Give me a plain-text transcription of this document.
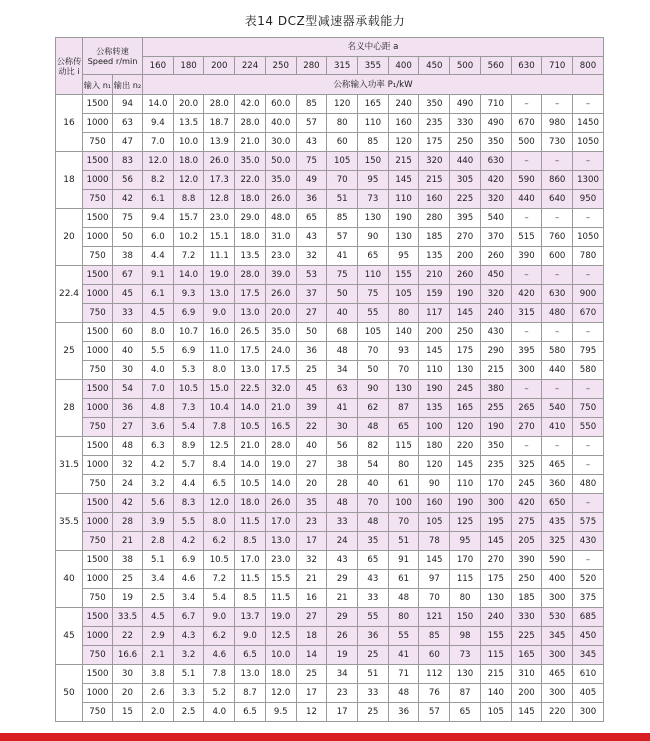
表14 DCZ型减速器承载能力
公称传动比 i	公称转速 Speed r/min		名义中心距 a														
			160	180	200	224	250	280	315	355	400	450	500	560	630	710	800
	输入 n₁	输出 n₂	公称输入功率 P₁/kW														
16	1500	94	14.0	20.0	28.0	42.0	60.0	85	120	165	240	350	490	710	–	–	–
	1000	63	9.4	13.5	18.7	28.0	40.0	57	80	110	160	235	330	490	670	980	1450
	750	47	7.0	10.0	13.9	21.0	30.0	43	60	85	120	175	250	350	500	730	1050
18	1500	83	12.0	18.0	26.0	35.0	50.0	75	105	150	215	320	440	630	–	–	–
	1000	56	8.2	12.0	17.3	22.0	35.0	49	70	95	145	215	305	420	590	860	1300
	750	42	6.1	8.8	12.8	18.0	26.0	36	51	73	110	160	225	320	440	640	950
20	1500	75	9.4	15.7	23.0	29.0	48.0	65	85	130	190	280	395	540	–	–	–
	1000	50	6.0	10.2	15.1	18.0	31.0	43	57	90	130	185	270	370	515	760	1050
	750	38	4.4	7.2	11.1	13.5	23.0	32	41	65	95	135	200	260	390	600	780
22.4	1500	67	9.1	14.0	19.0	28.0	39.0	53	75	110	155	210	260	450	–	–	–
	1000	45	6.1	9.3	13.0	17.5	26.0	37	50	75	105	159	190	320	420	630	900
	750	33	4.5	6.9	9.0	13.0	20.0	27	40	55	80	117	145	240	315	480	670
25	1500	60	8.0	10.7	16.0	26.5	35.0	50	68	105	140	200	250	430	–	–	–
	1000	40	5.5	6.9	11.0	17.5	24.0	36	48	70	93	145	175	290	395	580	795
	750	30	4.0	5.3	8.0	13.0	17.5	25	34	50	70	110	130	215	300	440	580
28	1500	54	7.0	10.5	15.0	22.5	32.0	45	63	90	130	190	245	380	–	–	–
	1000	36	4.8	7.3	10.4	14.0	21.0	39	41	62	87	135	165	255	265	540	750
	750	27	3.6	5.4	7.8	10.5	16.5	22	30	48	65	100	120	190	270	410	550
31.5	1500	48	6.3	8.9	12.5	21.0	28.0	40	56	82	115	180	220	350	–	–	–
	1000	32	4.2	5.7	8.4	14.0	19.0	27	38	54	80	120	145	235	325	465	–
	750	24	3.2	4.4	6.5	10.5	14.0	20	28	40	61	90	110	170	245	360	480
35.5	1500	42	5.6	8.3	12.0	18.0	26.0	35	48	70	100	160	190	300	420	650	–
	1000	28	3.9	5.5	8.0	11.5	17.0	23	33	48	70	105	125	195	275	435	575
	750	21	2.8	4.2	6.2	8.5	13.0	17	24	35	51	78	95	145	205	325	430
40	1500	38	5.1	6.9	10.5	17.0	23.0	32	43	65	91	145	170	270	390	590	–
	1000	25	3.4	4.6	7.2	11.5	15.5	21	29	43	61	97	115	175	250	400	520
	750	19	2.5	3.4	5.4	8.5	11.5	16	21	33	48	70	80	130	185	300	375
45	1500	33.5	4.5	6.7	9.0	13.7	19.0	27	29	55	80	121	150	240	330	530	685
	1000	22	2.9	4.3	6.2	9.0	12.5	18	26	36	55	85	98	155	225	345	450
	750	16.6	2.1	3.2	4.6	6.5	10.0	14	19	25	41	60	73	115	165	300	345
50	1500	30	3.8	5.1	7.8	13.0	18.0	25	34	51	71	112	130	215	310	465	610
	1000	20	2.6	3.3	5.2	8.7	12.0	17	23	33	48	76	87	140	200	300	405
	750	15	2.0	2.5	4.0	6.5	9.5	12	17	25	36	57	65	105	145	220	300
